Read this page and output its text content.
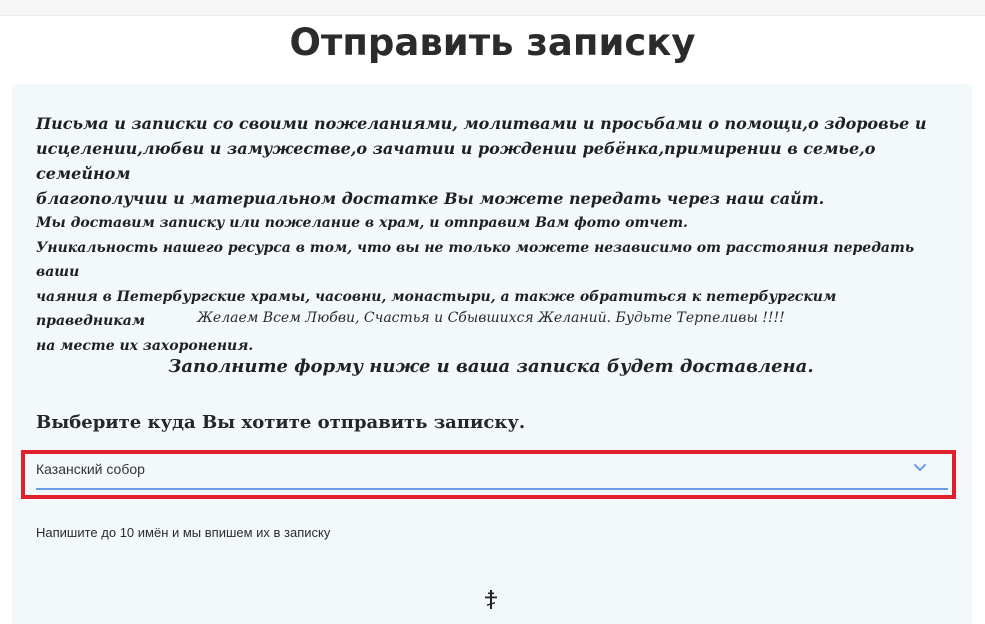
Отправить записку

Письма и записки со своими пожеланиями, молитвами и просьбами о помощи,о здоровье и
исцелении,любви и замужестве,о зачатии и рождении ребёнка,примирении в семье,о семейном
благополучии и материальном достатке Вы можете передать через наш сайт.

Мы доставим записку или пожелание в храм, и отправим Вам фото отчет.
Уникальность нашего ресурса в том, что вы не только можете независимо от расстояния передать ваши
чаяния в Петербургские храмы, часовни, монастыри, а также обратиться к петербургским праведникам
на месте их захоронения.

Желаем Всем Любви, Счастья и Сбывшихся Желаний. Будьте Терпеливы !!!!

Заполните форму ниже и ваша записка будет доставлена.

Выберите куда Вы хотите отправить записку.

Казанский собор

Напишите до 10 имён и мы впишем их в записку
